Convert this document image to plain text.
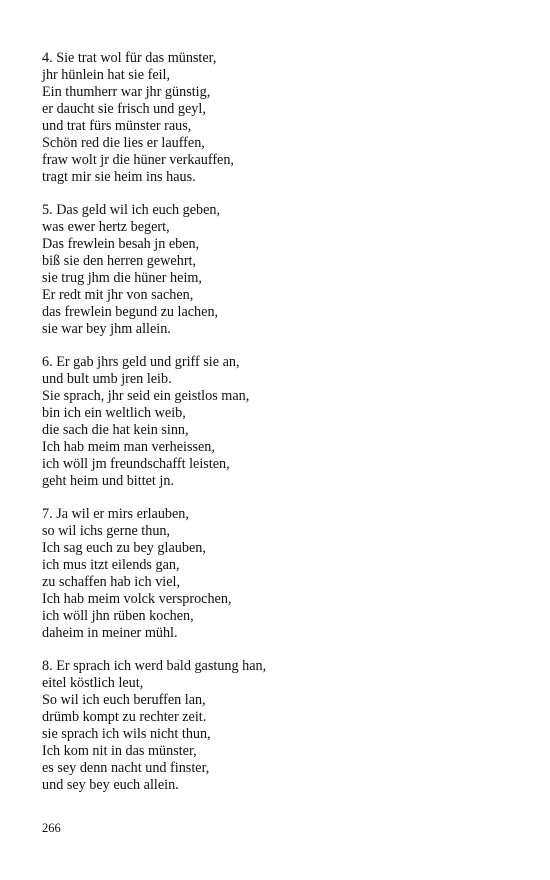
4. Sie trat wol für das münster,
jhr hünlein hat sie feil,
Ein thumherr war jhr günstig,
er daucht sie frisch und geyl,
und trat fürs münster raus,
Schön red die lies er lauffen,
fraw wolt jr die hüner verkauffen,
tragt mir sie heim ins haus.
5. Das geld wil ich euch geben,
was ewer hertz begert,
Das frewlein besah jn eben,
biß sie den herren gewehrt,
sie trug jhm die hüner heim,
Er redt mit jhr von sachen,
das frewlein begund zu lachen,
sie war bey jhm allein.
6. Er gab jhrs geld und griff sie an,
und bult umb jren leib.
Sie sprach, jhr seid ein geistlos man,
bin ich ein weltlich weib,
die sach die hat kein sinn,
Ich hab meim man verheissen,
ich wöll jm freundschafft leisten,
geht heim und bittet jn.
7. Ja wil er mirs erlauben,
so wil ichs gerne thun,
Ich sag euch zu bey glauben,
ich mus itzt eilends gan,
zu schaffen hab ich viel,
Ich hab meim volck versprochen,
ich wöll jhn rüben kochen,
daheim in meiner mühl.
8. Er sprach ich werd bald gastung han,
eitel köstlich leut,
So wil ich euch beruffen lan,
drümb kompt zu rechter zeit.
sie sprach ich wils nicht thun,
Ich kom nit in das münster,
es sey denn nacht und finster,
und sey bey euch allein.
266
